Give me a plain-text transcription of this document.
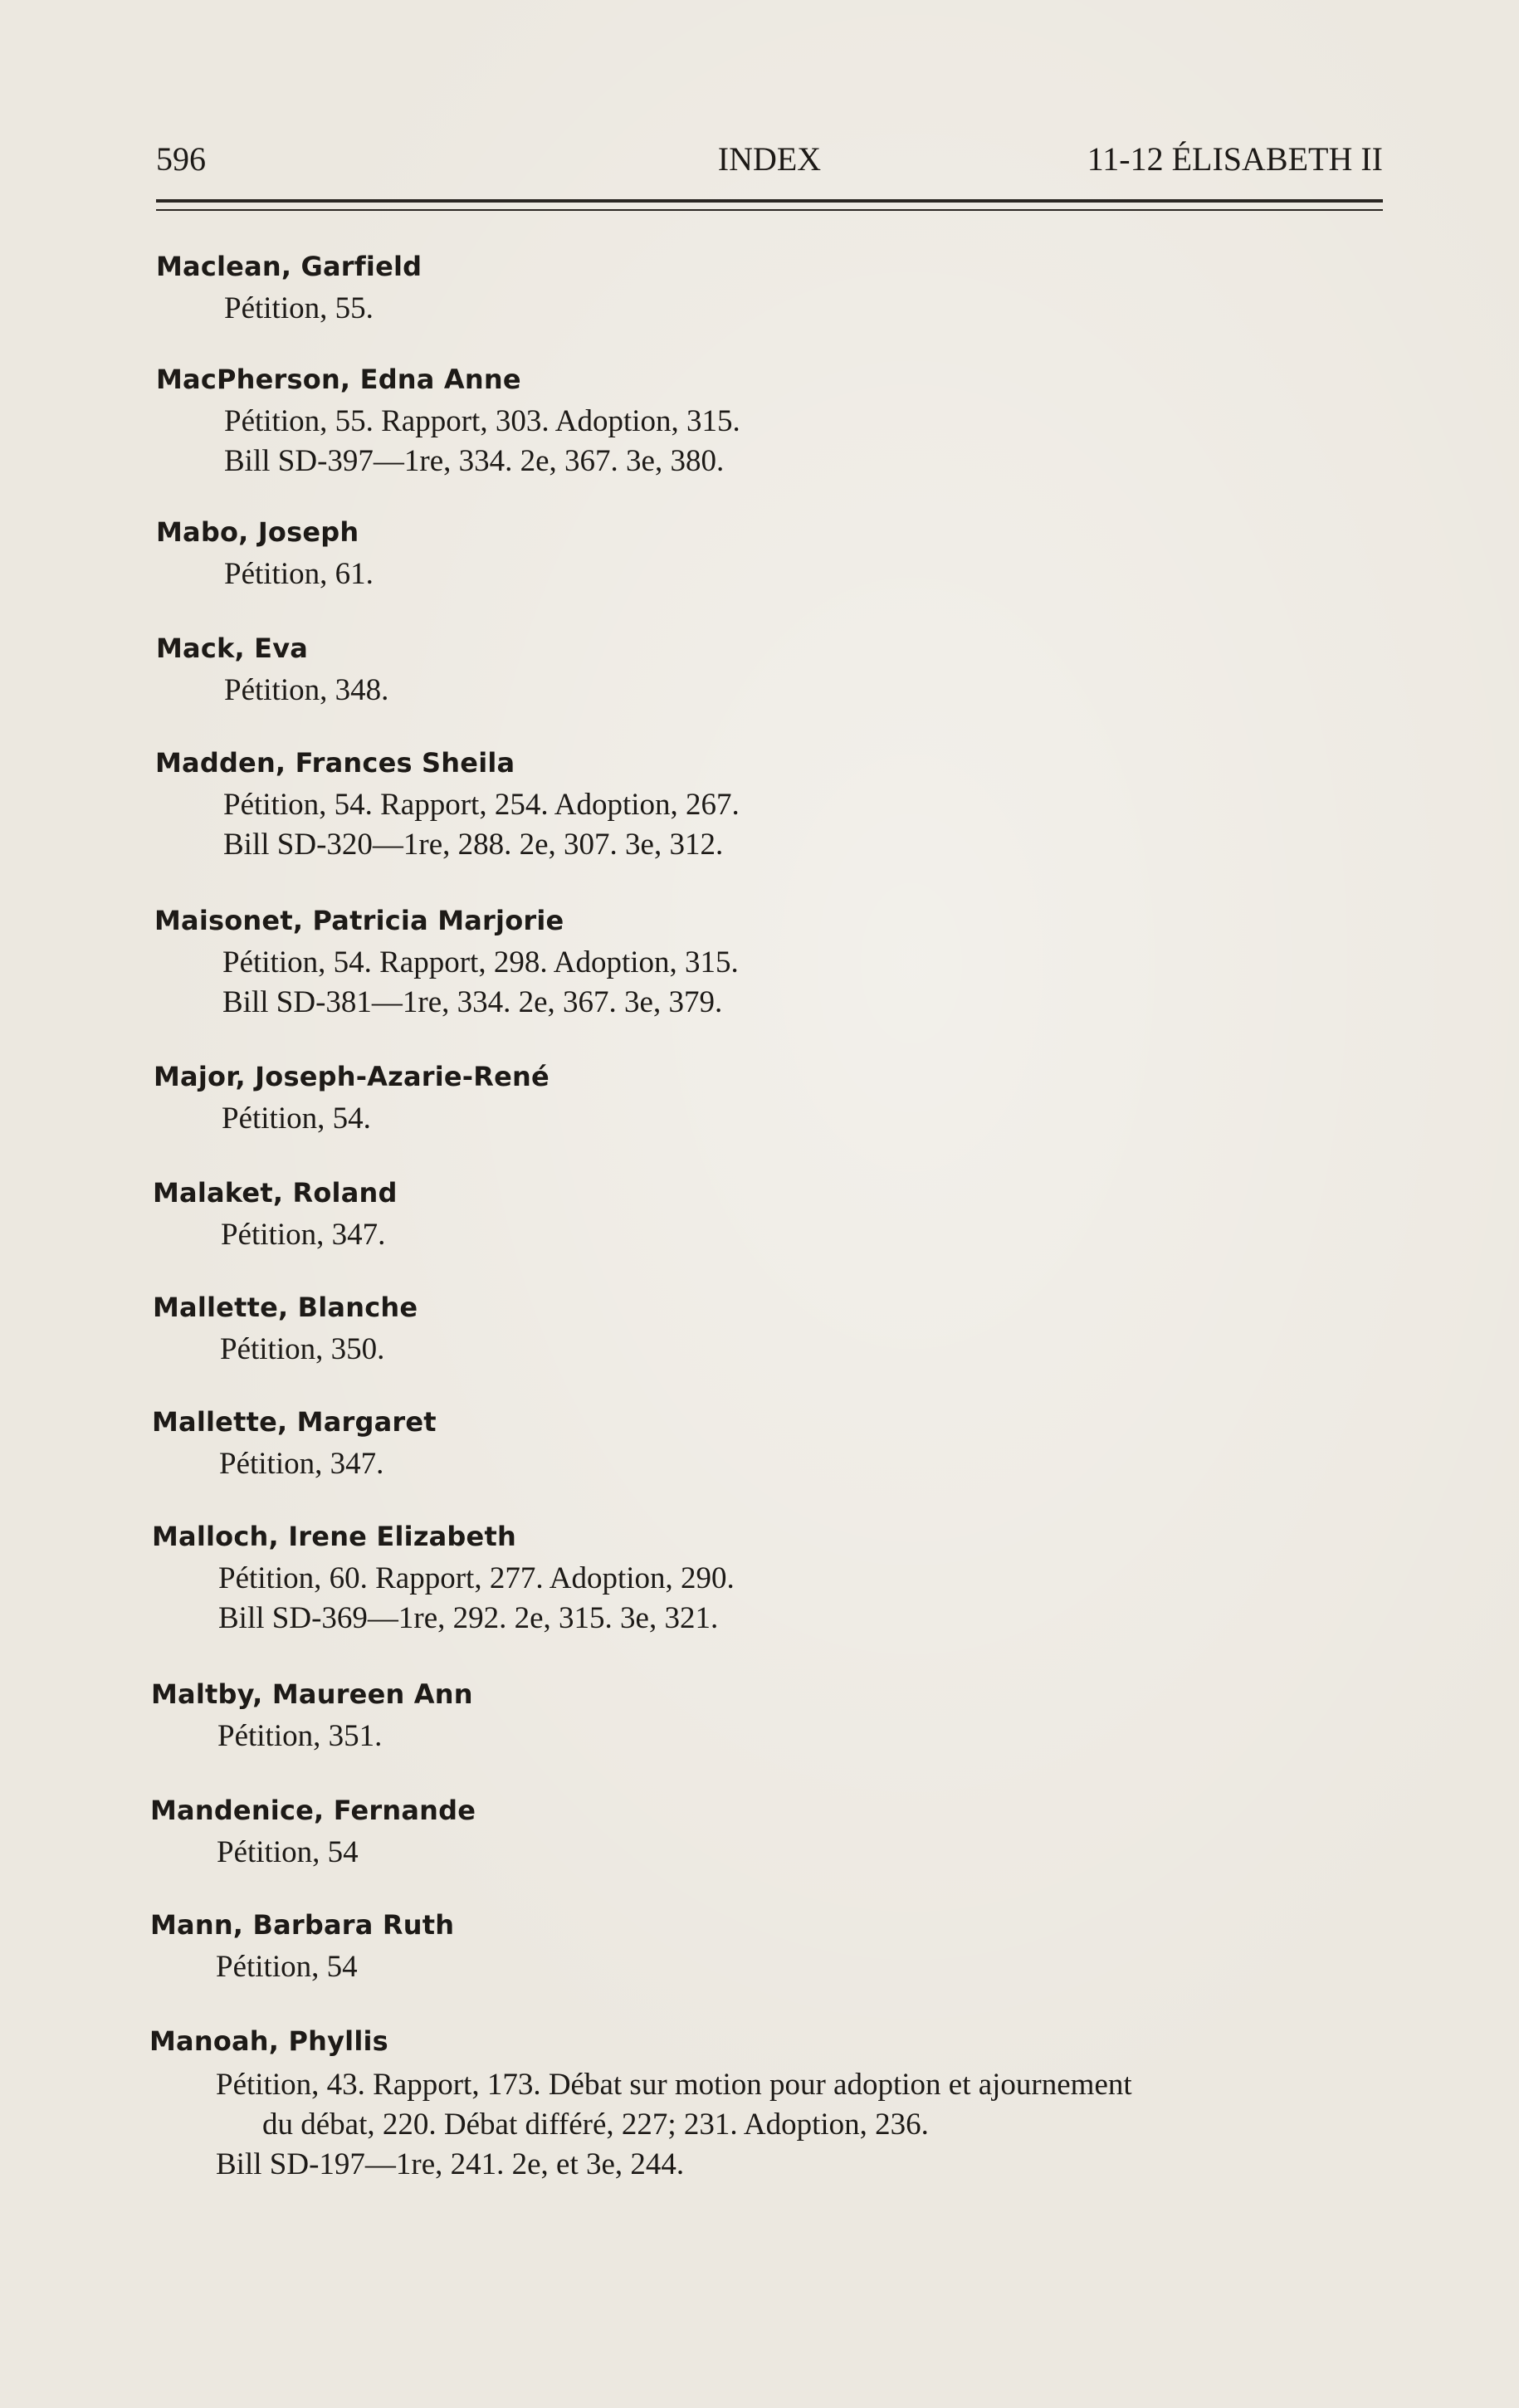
596	INDEX	11-12 ÉLISABETH II
Maclean, Garfield
Pétition, 55.
MacPherson, Edna Anne
Pétition, 55. Rapport, 303. Adoption, 315.
Bill SD-397—1re, 334. 2e, 367. 3e, 380.
Mabo, Joseph
Pétition, 61.
Mack, Eva
Pétition, 348.
Madden, Frances Sheila
Pétition, 54. Rapport, 254. Adoption, 267.
Bill SD-320—1re, 288. 2e, 307. 3e, 312.
Maisonet, Patricia Marjorie
Pétition, 54. Rapport, 298. Adoption, 315.
Bill SD-381—1re, 334. 2e, 367. 3e, 379.
Major, Joseph-Azarie-René
Pétition, 54.
Malaket, Roland
Pétition, 347.
Mallette, Blanche
Pétition, 350.
Mallette, Margaret
Pétition, 347.
Malloch, Irene Elizabeth
Pétition, 60. Rapport, 277. Adoption, 290.
Bill SD-369—1re, 292. 2e, 315. 3e, 321.
Maltby, Maureen Ann
Pétition, 351.
Mandenice, Fernande
Pétition, 54
Mann, Barbara Ruth
Pétition, 54
Manoah, Phyllis
Pétition, 43. Rapport, 173. Débat sur motion pour adoption et ajournement
du débat, 220. Débat différé, 227; 231. Adoption, 236.
Bill SD-197—1re, 241. 2e, et 3e, 244.
